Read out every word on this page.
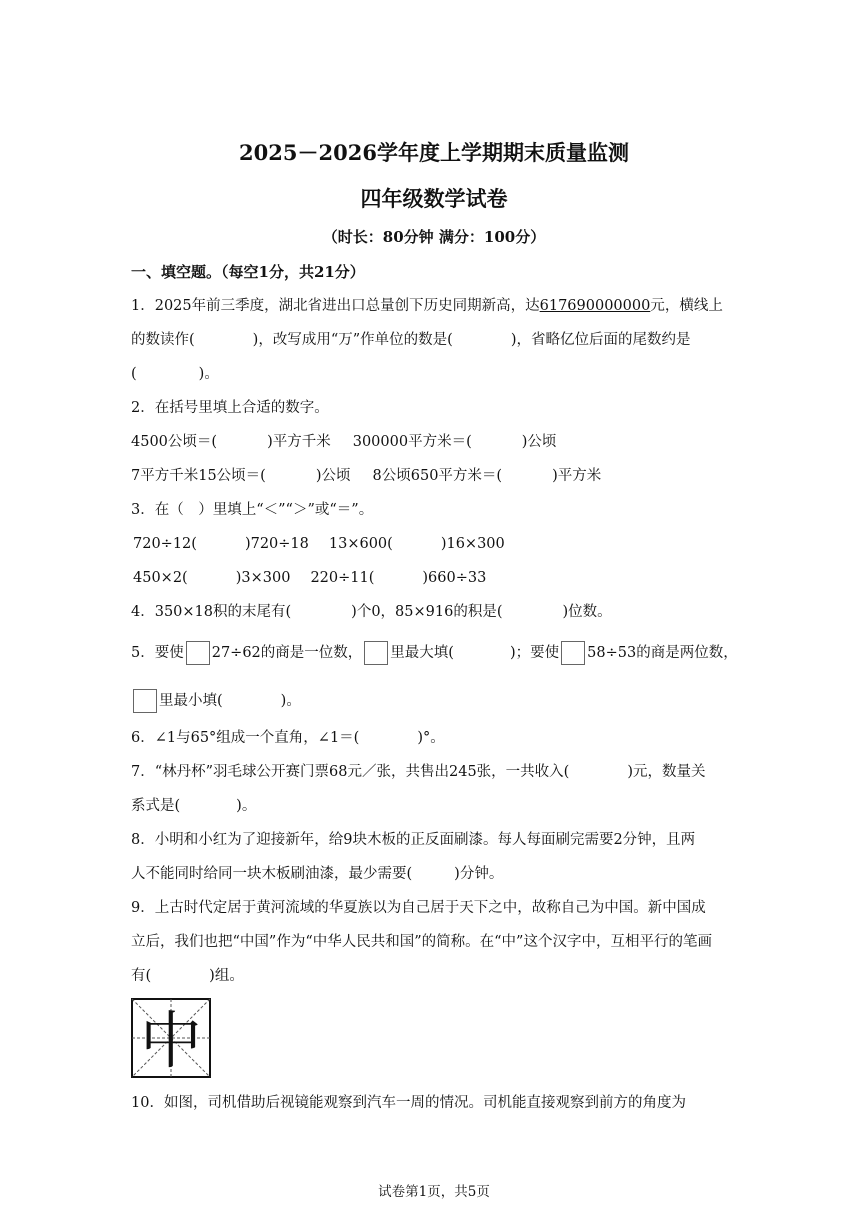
2025－2026学年度上学期期末质量监测
四年级数学试卷
（时长：80分钟 满分：100分）
一、填空题。（每空1分，共21分）
1．2025年前三季度，湖北省进出口总量创下历史同期新高，达617690000000元，横线上
的数读作(	)，改写成用“万”作单位的数是(	)，省略亿位后面的尾数约是
(	)。
2．在括号里填上合适的数字。
4500公顷＝(	)平方千米 300000平方米＝(	)公顷
7平方千米15公顷＝(	)公顷 8公顷650平方米＝(	)平方米
3．在（　）里填上“＜”“＞”或“＝”。
720÷12(	)720÷18 13×600(	)16×300
450×2(	)3×300 220÷11(	)660÷33
4．350×18积的末尾有(	)个0，85×916的积是(	)位数。
5．要使 27÷62的商是一位数， 里最大填(	)；要使 58÷53的商是两位数，
里最小填(	)。
6．∠1与65°组成一个直角，∠1＝(	)°。
7．“林丹杯”羽毛球公开赛门票68元／张，共售出245张，一共收入(	)元，数量关
系式是(	)。
8．小明和小红为了迎接新年，给9块木板的正反面刷漆。每人每面刷完需要2分钟，且两
人不能同时给同一块木板刷油漆，最少需要(	)分钟。
9．上古时代定居于黄河流域的华夏族以为自己居于天下之中，故称自己为中国。新中国成
立后，我们也把“中国”作为“中华人民共和国”的简称。在“中”这个汉字中，互相平行的笔画
有(	)组。
中
10．如图，司机借助后视镜能观察到汽车一周的情况。司机能直接观察到前方的角度为
试卷第1页，共5页
